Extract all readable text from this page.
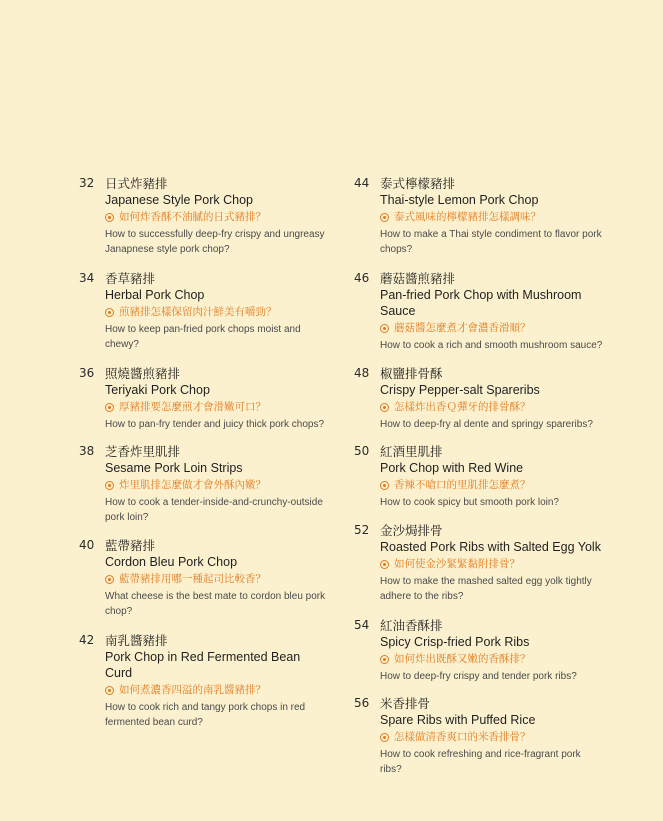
32 日式炸豬排
Japanese Style Pork Chop
如何炸香酥不油膩的日式豬排？
How to successfully deep-fry crispy and ungreasy Janapnese style pork chop?
34 香草豬排
Herbal Pork Chop
煎豬排怎樣保留肉汁鮮美有嚼勁？
How to keep pan-fried pork chops moist and chewy?
36 照燒醬煎豬排
Teriyaki Pork Chop
厚豬排要怎麼煎才會滑嫩可口？
How to pan-fry tender and juicy thick pork chops?
38 芝香炸里肌排
Sesame Pork Loin Strips
炸里肌排怎麼做才會外酥內嫩？
How to cook a tender-inside-and-crunchy-outside pork loin?
40 藍帶豬排
Cordon Bleu Pork Chop
藍帶豬排用哪一種起司比較香？
What cheese is the best mate to cordon bleu pork chop?
42 南乳醬豬排
Pork Chop in Red Fermented Bean Curd
如何煮濃香四溢的南乳醬豬排？
How to cook rich and tangy pork chops in red fermented bean curd?
44 泰式檸檬豬排
Thai-style Lemon Pork Chop
泰式風味的檸檬豬排怎樣調味？
How to make a Thai style condiment to flavor pork chops?
46 蘑菇醬煎豬排
Pan-fried Pork Chop with Mushroom Sauce
蘑菇醬怎麼煮才會濃香滑順？
How to cook a rich and smooth mushroom sauce?
48 椒鹽排骨酥
Crispy Pepper-salt Spareribs
怎樣炸出香Ｑ彈牙的排骨酥？
How to deep-fry al dente and springy spareribs?
50 紅酒里肌排
Pork Chop with Red Wine
香辣不嗆口的里肌排怎麼煮？
How to cook spicy but smooth pork loin?
52 金沙焗排骨
Roasted Pork Ribs with Salted Egg Yolk
如何使金沙緊緊黏附排骨？
How to make the mashed salted egg yolk tightly adhere to the ribs?
54 紅油香酥排
Spicy Crisp-fried Pork Ribs
如何炸出既酥又嫩的香酥排？
How to deep-fry crispy and tender pork ribs?
56 米香排骨
Spare Ribs with Puffed Rice
怎樣做清香爽口的米香排骨？
How to cook refreshing and rice-fragrant pork ribs?
